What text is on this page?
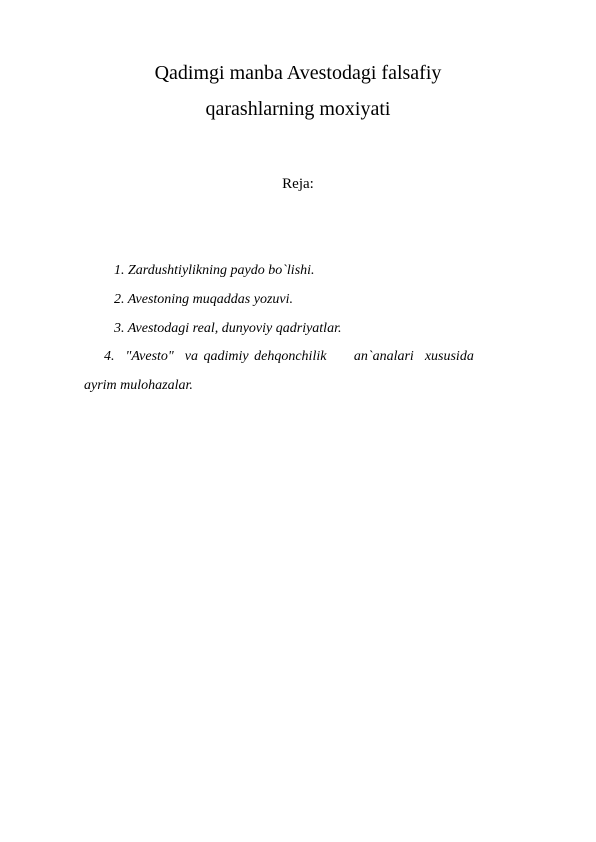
Qadimgi manba Avestodagi falsafiy
qarashlarning moxiyati
Reja:
1. Zardushtiylikning paydo bo`lishi.
2. Avestoning muqaddas yozuvi.
3. Avestodagi real, dunyoviy qadriyatlar.
4.  "Avesto"  va qadimiy dehqonchilik     an`analari  xususida
ayrim mulohazalar.
